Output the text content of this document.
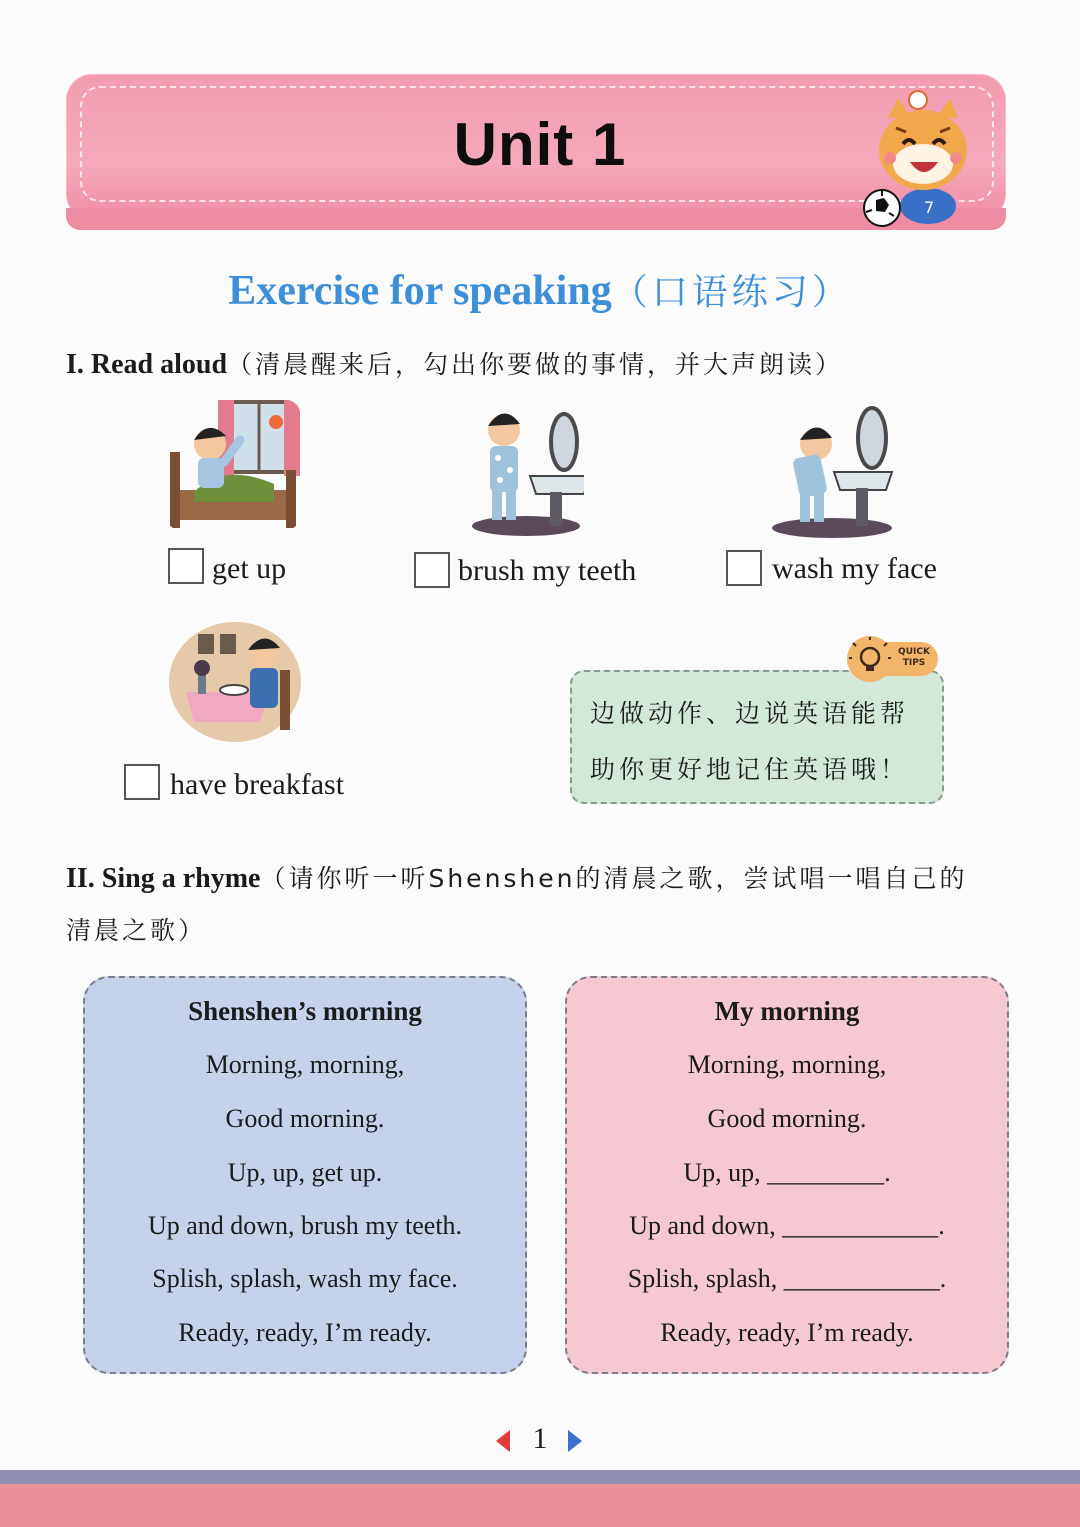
Unit 1
7
Exercise for speaking（口语练习）
I. Read aloud（清晨醒来后，勾出你要做的事情，并大声朗读）
get up	brush my teeth	wash my face
have breakfast
边做动作、边说英语能帮
助你更好地记住英语哦！
QUICK TIPS
II. Sing a rhyme（请你听一听Shenshen的清晨之歌，尝试唱一唱自己的
清晨之歌）
Shenshen’s morning
Morning, morning,
Good morning.
Up, up, get up.
Up and down, brush my teeth.
Splish, splash, wash my face.
Ready, ready, I’m ready.
My morning
Morning, morning,
Good morning.
Up, up, _________.
Up and down, ____________.
Splish, splash, ____________.
Ready, ready, I’m ready.
1
